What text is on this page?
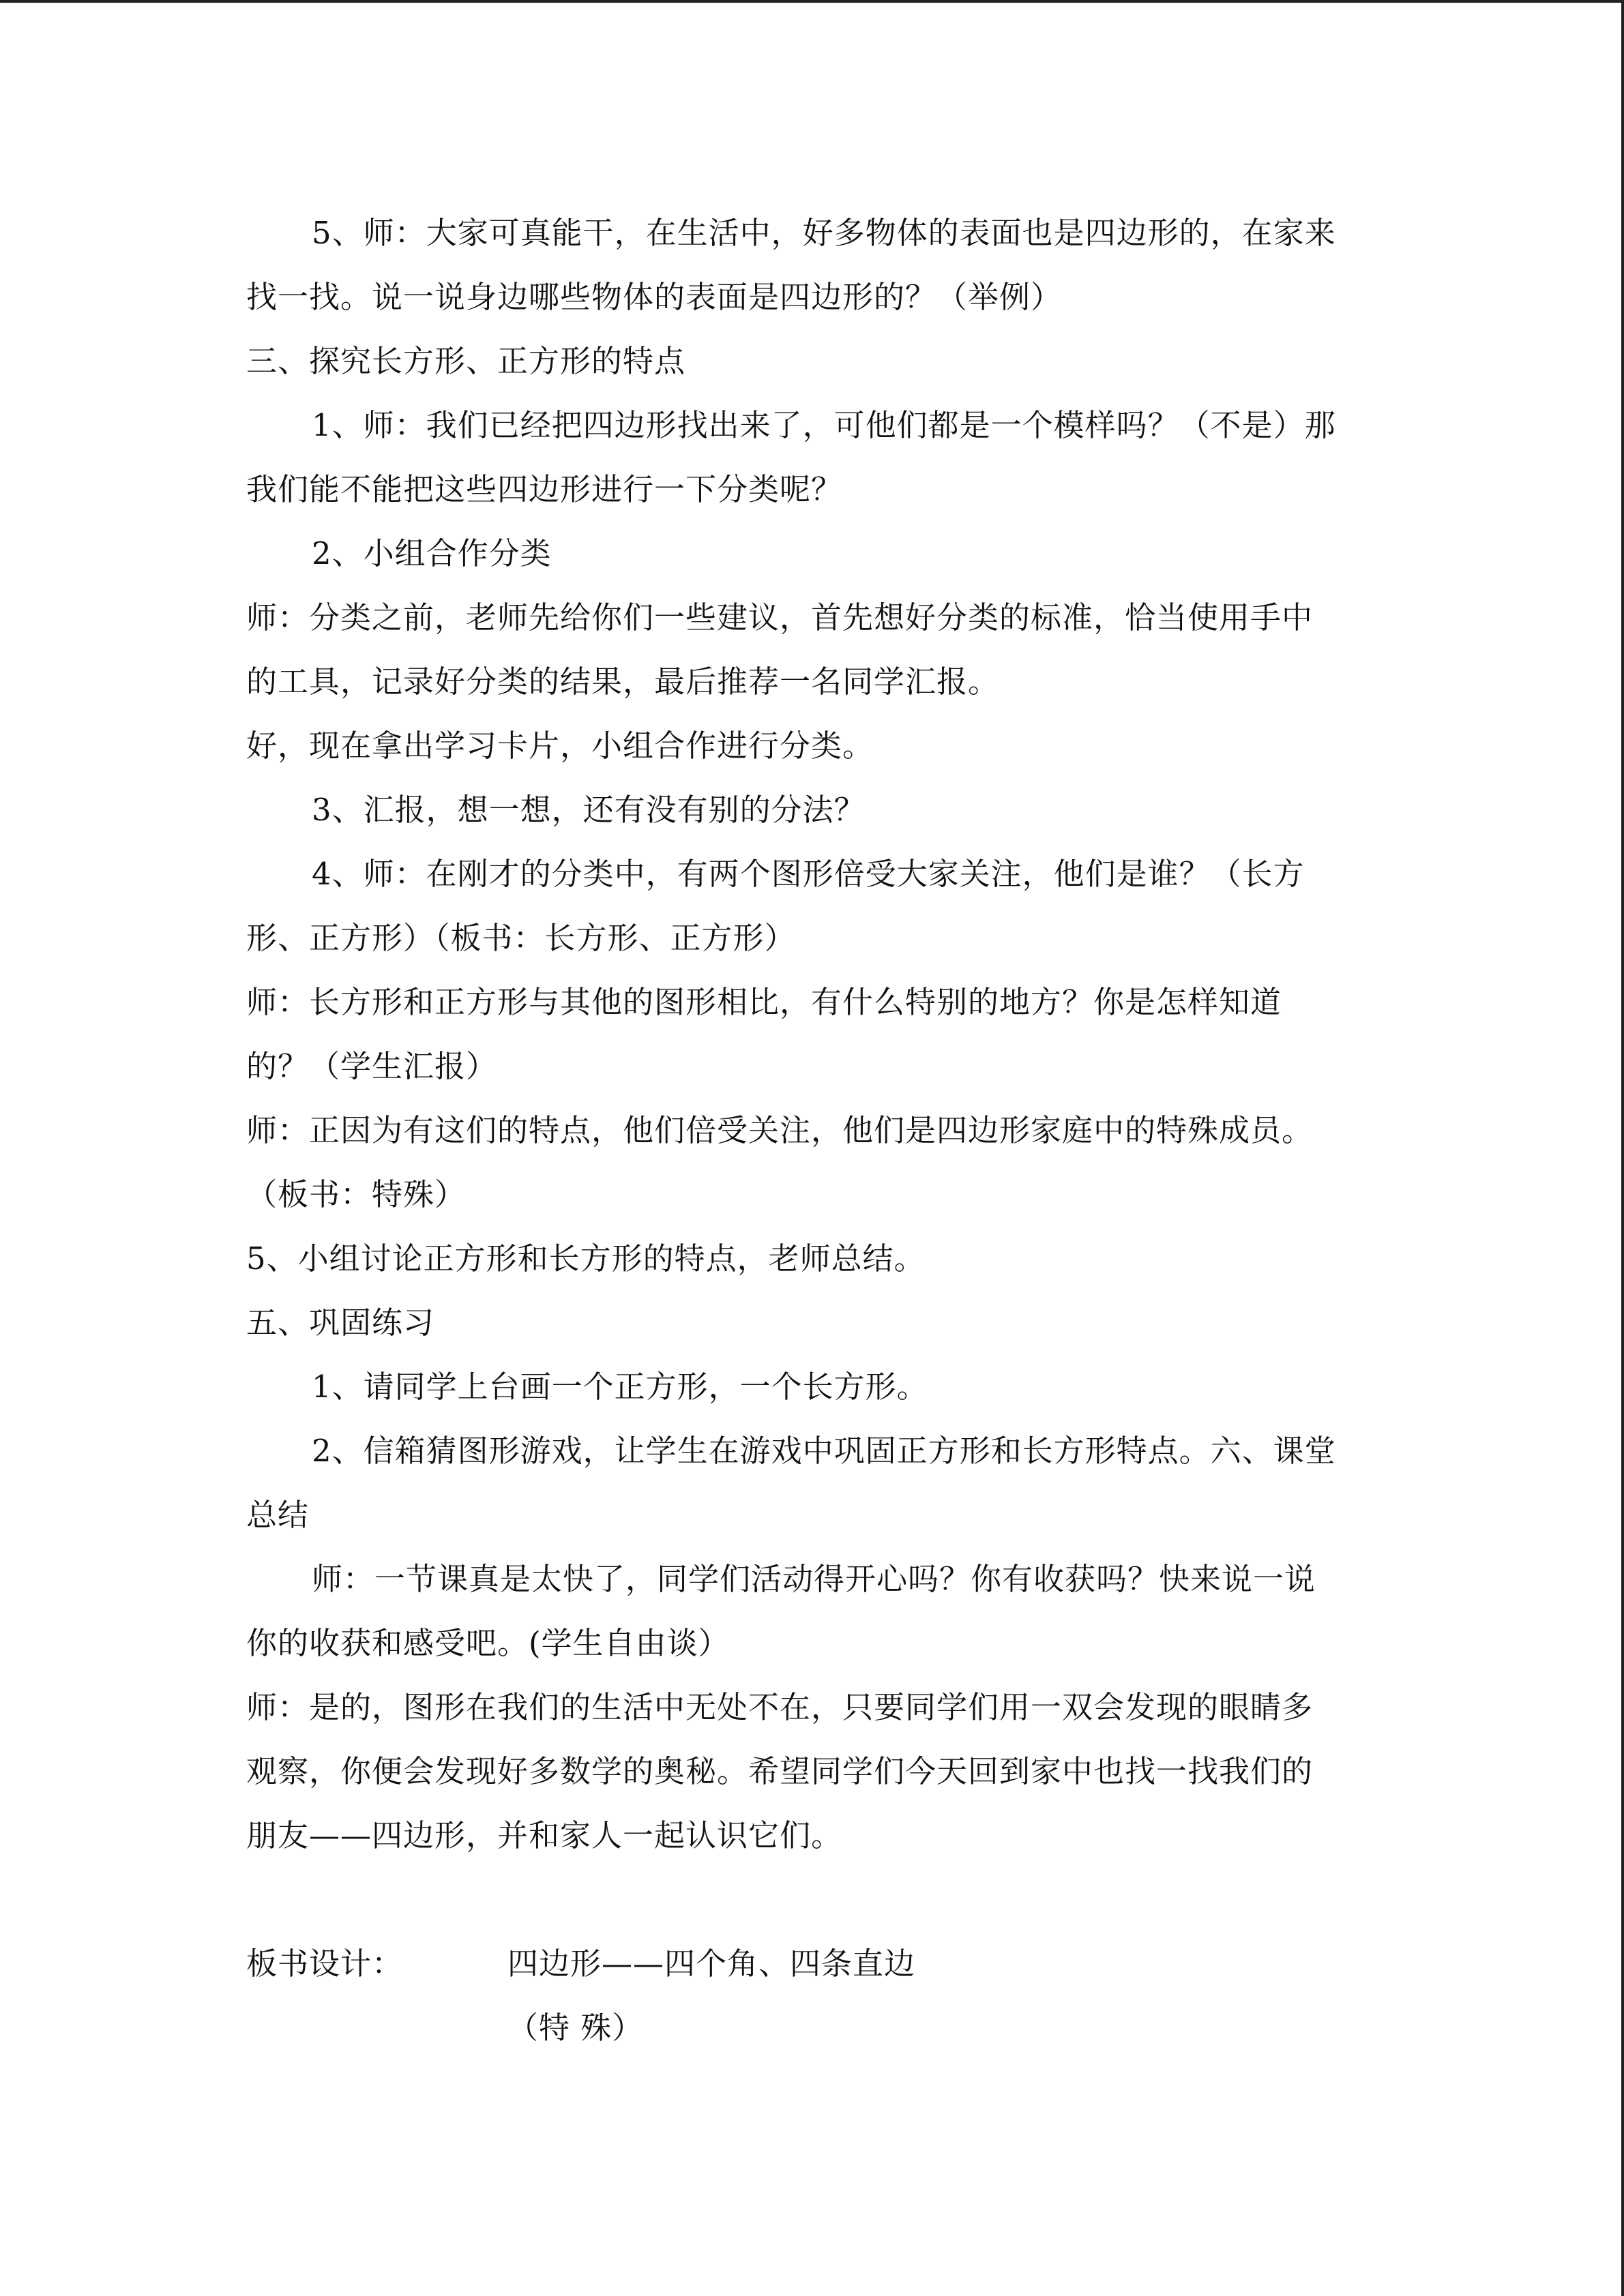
5、师：大家可真能干，在生活中，好多物体的表面也是四边形的，在家来
找一找。说一说身边哪些物体的表面是四边形的？（举例）
三、探究长方形、正方形的特点
1、师：我们已经把四边形找出来了，可他们都是一个模样吗？（不是）那
我们能不能把这些四边形进行一下分类呢？
2、小组合作分类
师：分类之前，老师先给你们一些建议，首先想好分类的标准，恰当使用手中
的工具，记录好分类的结果，最后推荐一名同学汇报。
好，现在拿出学习卡片，小组合作进行分类。
3、汇报，想一想，还有没有别的分法？
4、师：在刚才的分类中，有两个图形倍受大家关注，他们是谁？（长方
形、正方形）（板书：长方形、正方形）
师：长方形和正方形与其他的图形相比，有什么特别的地方？你是怎样知道
的？（学生汇报）
师：正因为有这们的特点，他们倍受关注，他们是四边形家庭中的特殊成员。
（板书：特殊）
5、小组讨论正方形和长方形的特点，老师总结。
五、巩固练习
1、请同学上台画一个正方形，一个长方形。
2、信箱猜图形游戏，让学生在游戏中巩固正方形和长方形特点。六、课堂
总结
师：一节课真是太快了，同学们活动得开心吗？你有收获吗？快来说一说
你的收获和感受吧。(学生自由谈）
师：是的，图形在我们的生活中无处不在，只要同学们用一双会发现的眼睛多
观察，你便会发现好多数学的奥秘。希望同学们今天回到家中也找一找我们的
朋友——四边形，并和家人一起认识它们。
板书设计：	四边形——四个角、四条直边
（特 殊）
